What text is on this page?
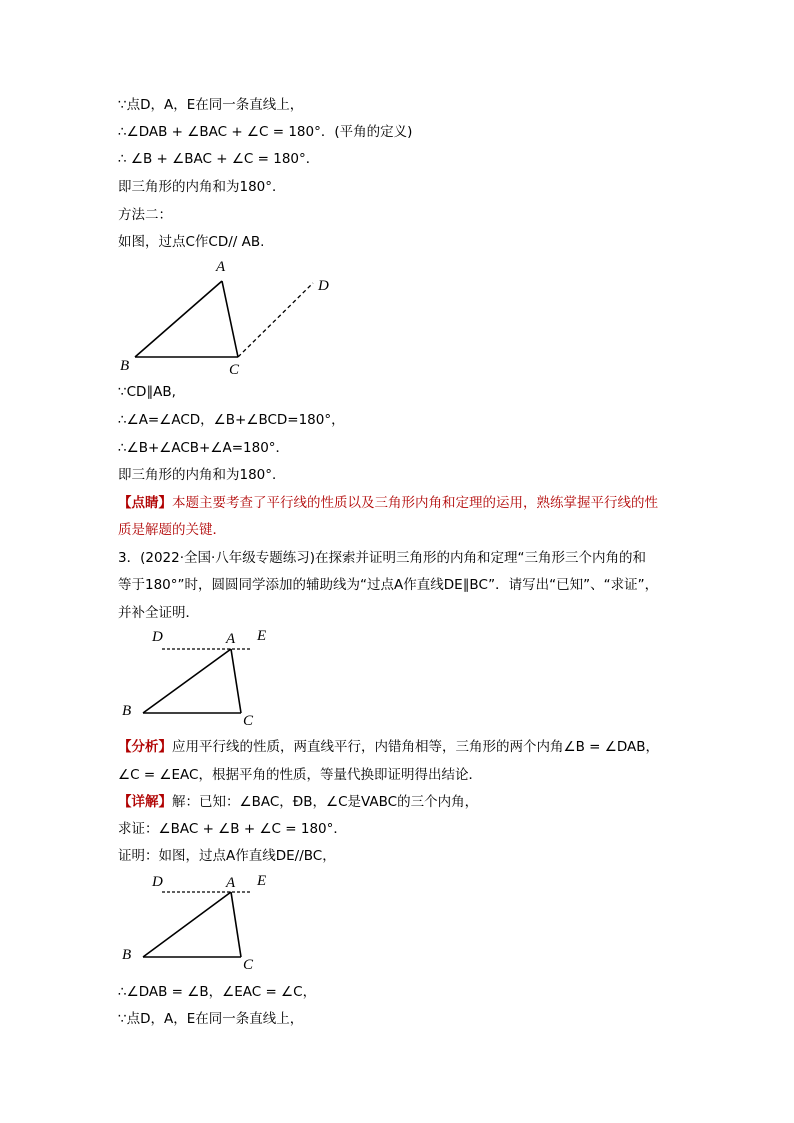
∵点D，A，E在同一条直线上，
∴∠DAB + ∠BAC + ∠C = 180°．(平角的定义)
∴ ∠B + ∠BAC + ∠C = 180°．
即三角形的内角和为180°．
方法二：
如图，过点C作CD// AB.
A
B	C
D
∵CD∥AB,
∴∠A=∠ACD，∠B+∠BCD=180°，
∴∠B+∠ACB+∠A=180°．
即三角形的内角和为180°．
【点睛】本题主要考查了平行线的性质以及三角形内角和定理的运用，熟练掌握平行线的性
质是解题的关键．
3．(2022·全国·八年级专题练习)在探索并证明三角形的内角和定理“三角形三个内角的和
等于180°”时，圆圆同学添加的辅助线为“过点A作直线DE∥BC”．请写出“已知”、“求证”，
并补全证明．
D	A E
B
C
【分析】应用平行线的性质，两直线平行，内错角相等，三角形的两个内角∠B = ∠DAB，
∠C = ∠EAC，根据平角的性质，等量代换即证明得出结论．
【详解】解：已知：∠BAC，ÐB，∠C是VABC的三个内角，
求证：∠BAC + ∠B + ∠C = 180°．
证明：如图，过点A作直线DE//BC，
D	A E
B
C
∴∠DAB = ∠B，∠EAC = ∠C，
∵点D，A，E在同一条直线上，
